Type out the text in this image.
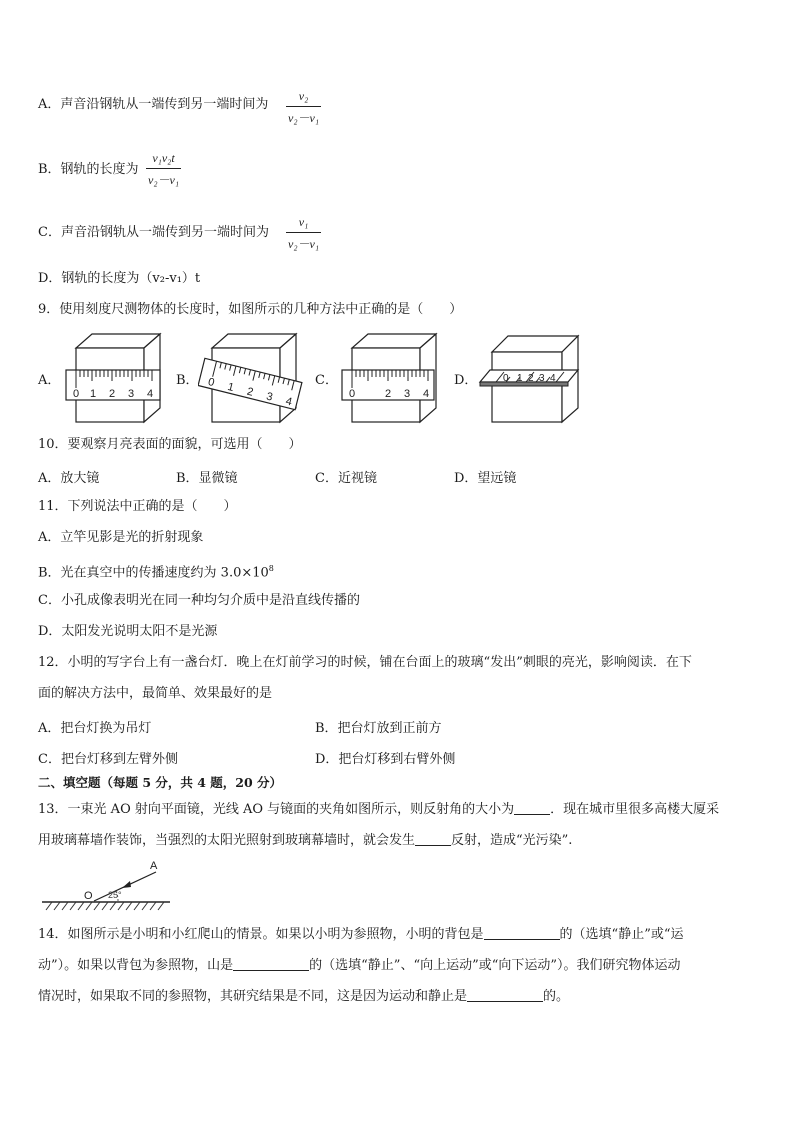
A．声音沿钢轨从一端传到另一端时间为
v₂
v₂－v₁
B．钢轨的长度为
v₁v₂t
v₂－v₁
C．声音沿钢轨从一端传到另一端时间为
v₁
v₂－v₁
D．钢轨的长度为（v₂-v₁）t
9．使用刻度尺测物体的长度时，如图所示的几种方法中正确的是（　　）
A．	B．	C．	D．
0 1 2 3 4
0 1 2 3 4
0	2 3 4
0 1 2 3 4
10．要观察月亮表面的面貌，可选用（　　）
A．放大镜	B．显微镜	C．近视镜	D．望远镜
11．下列说法中正确的是（　　）
A．立竿见影是光的折射现象
B．光在真空中的传播速度约为 $3.0\times 10^8$
C．小孔成像表明光在同一种均匀介质中是沿直线传播的
D．太阳发光说明太阳不是光源
12．小明的写字台上有一盏台灯．晚上在灯前学习的时候，铺在台面上的玻璃“发出”刺眼的亮光，影响阅读．在下
面的解决方法中，最简单、效果最好的是
A．把台灯换为吊灯	B．把台灯放到正前方
C．把台灯移到左臂外侧	D．把台灯移到右臂外侧
二、填空题（每题 5 分，共 4 题，20 分）
13．一束光 AO 射向平面镜，光线 AO 与镜面的夹角如图所示，则反射角的大小为	．现在城市里很多高楼大厦采
用玻璃幕墙作装饰，当强烈的太阳光照射到玻璃幕墙时，就会发生	反射，造成“光污染”.
A
O 25°
14．如图所示是小明和小红爬山的情景。如果以小明为参照物，小明的背包是	的（选填“静止”或“运
动”）。如果以背包为参照物，山是	的（选填“静止”、“向上运动”或“向下运动”）。我们研究物体运动
情况时，如果取不同的参照物，其研究结果是不同，这是因为运动和静止是	的。
